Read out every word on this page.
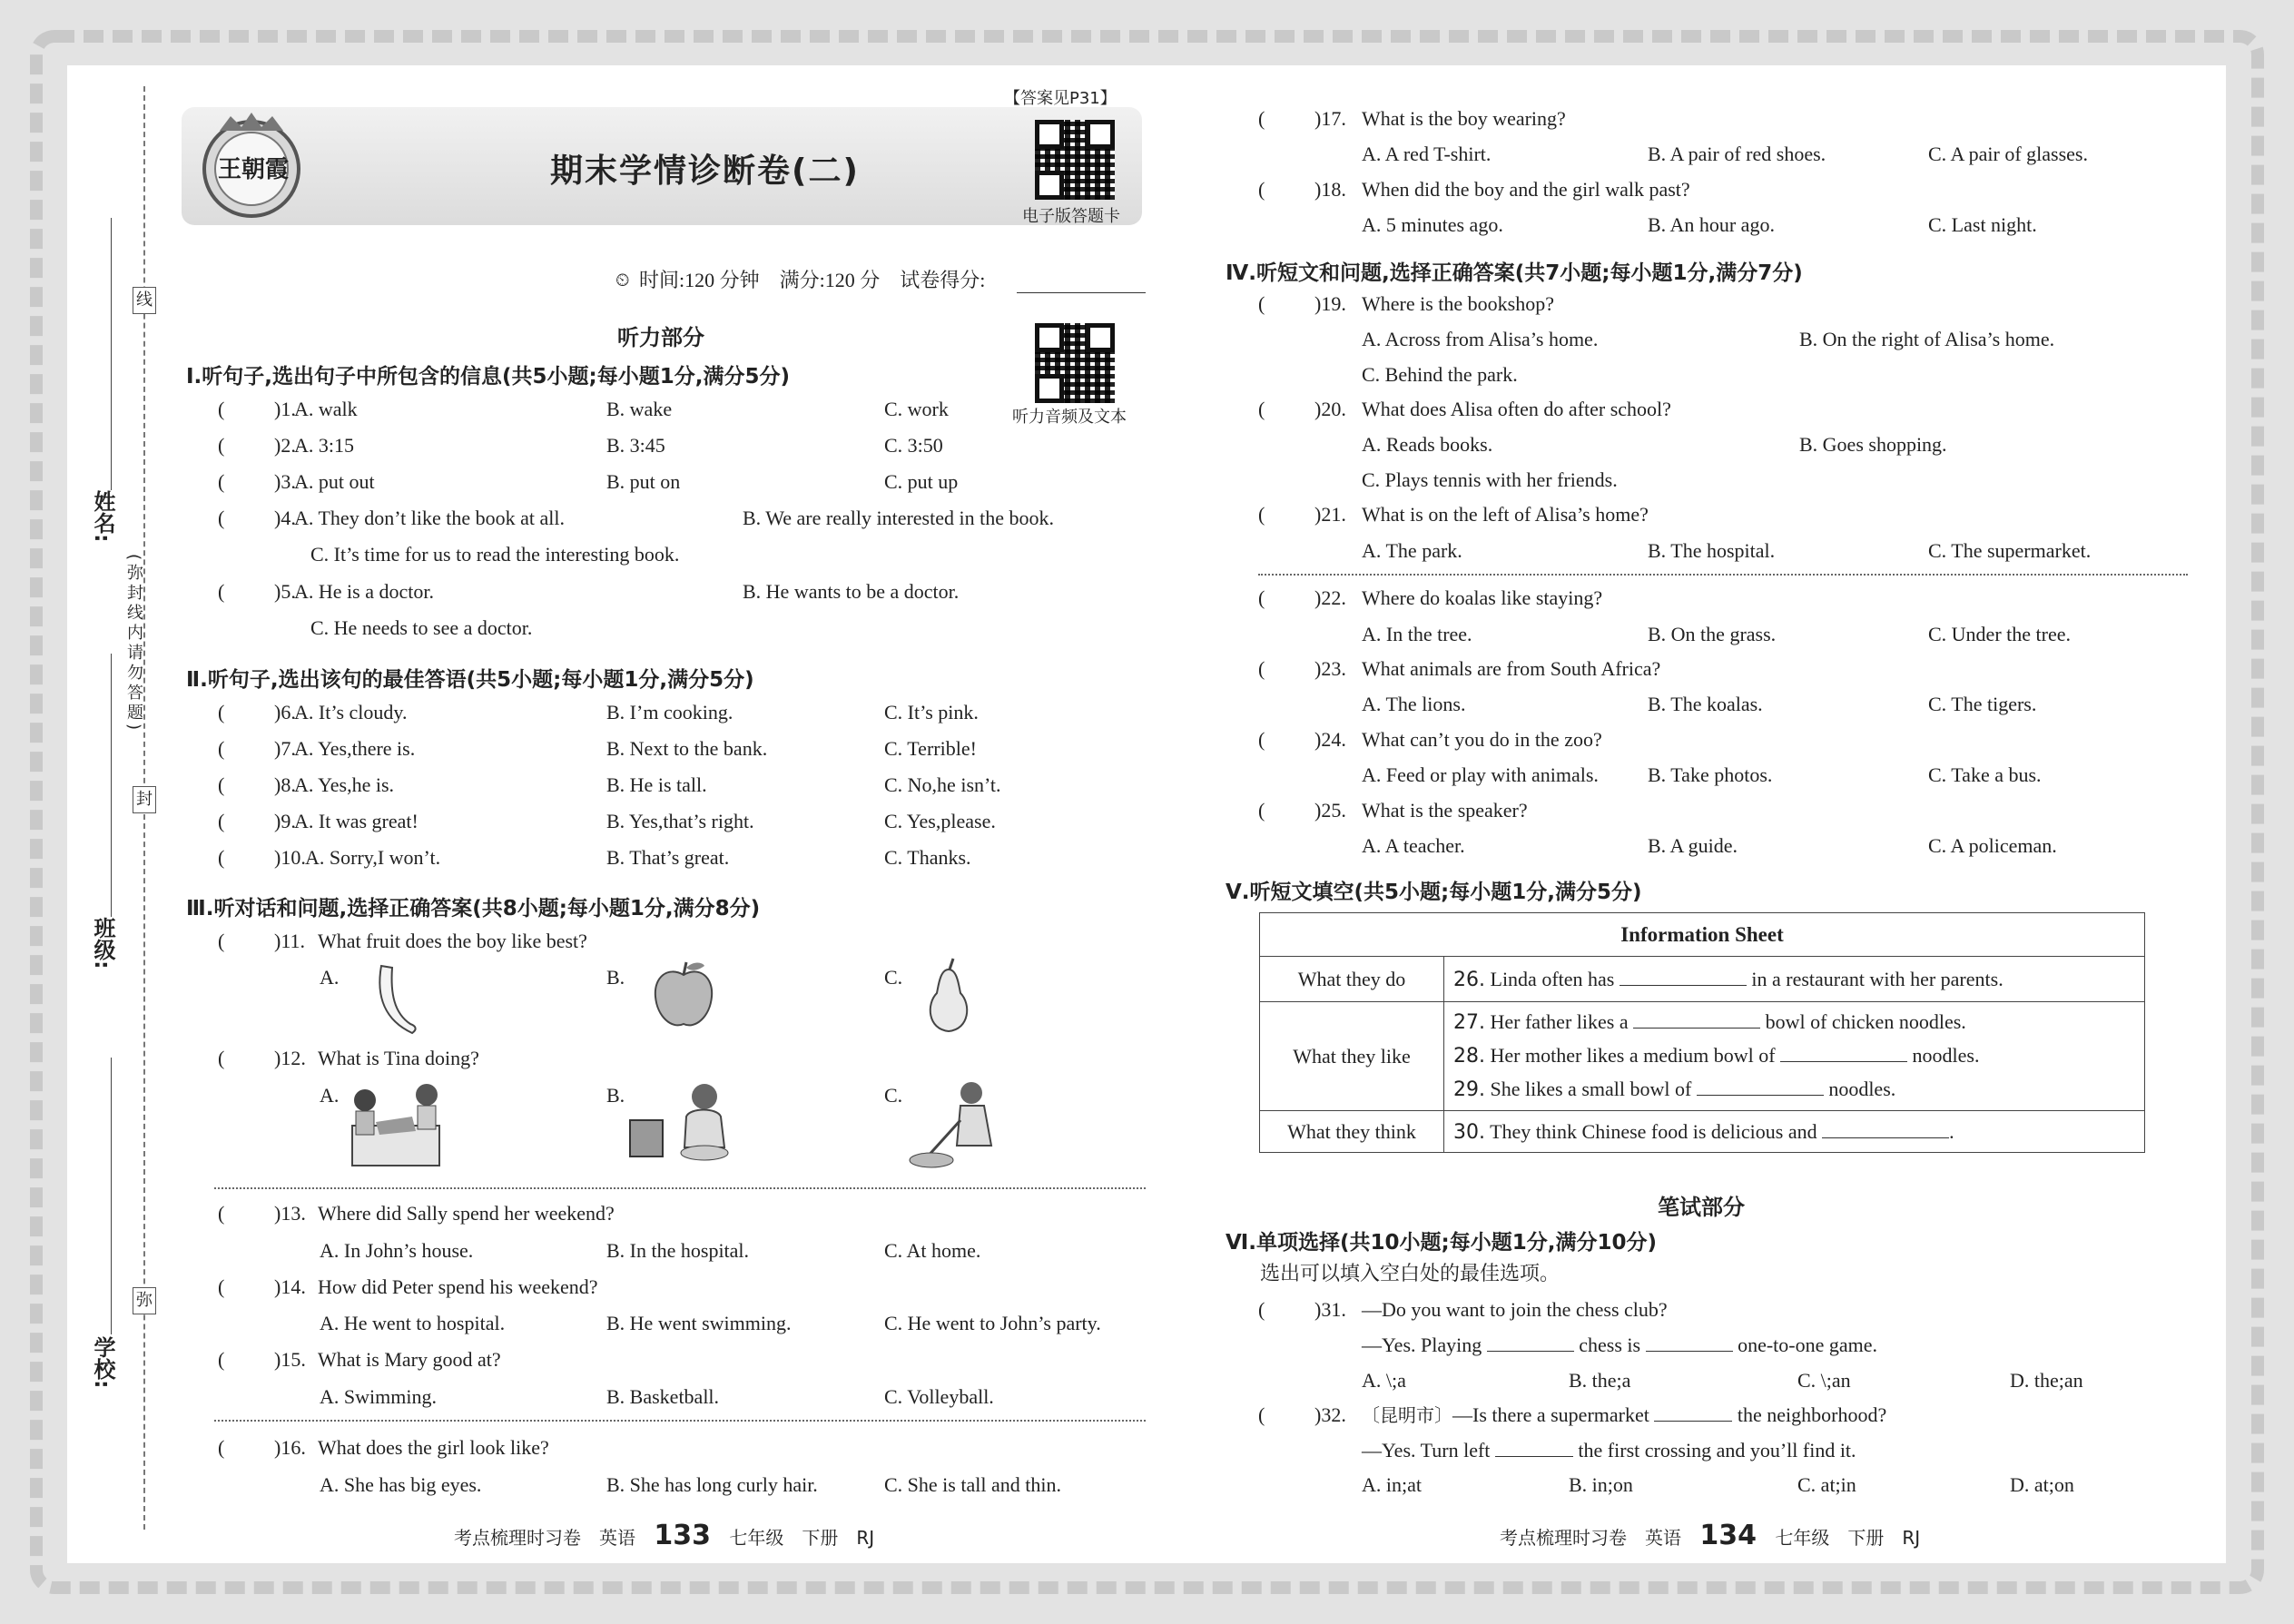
线
封
弥
(弥封线内请勿答题)
姓名:
班级:
学校:
王朝霞	期末学情诊断卷(二)
【答案见P31】
电子版答题卡
⏲ 时间:120 分钟　满分:120 分　试卷得分:
听力部分
听力音频及文本
Ⅰ.听句子,选出句子中所包含的信息(共5小题;每小题1分,满分5分)
( )1.
A. walk	B. wake	C. work
( )2.
A. 3:15	B. 3:45	C. 3:50
( )3.
A. put out	B. put on	C. put up
( )4.
A. They don’t like the book at all.	B. We are really interested in the book.
C. It’s time for us to read the interesting book.
( )5.
A. He is a doctor.	B. He wants to be a doctor.
C. He needs to see a doctor.
Ⅱ.听句子,选出该句的最佳答语(共5小题;每小题1分,满分5分)
( )6.
A. It’s cloudy.	B. I’m cooking.	C. It’s pink.
( )7.
A. Yes,there is.	B. Next to the bank.	C. Terrible!
( )8.
A. Yes,he is.	B. He is tall.	C. No,he isn’t.
( )9.
A. It was great!	B. Yes,that’s right.	C. Yes,please.
( )10. A. Sorry,I won’t.	B. That’s great.	C. Thanks.
Ⅲ.听对话和问题,选择正确答案(共8小题;每小题1分,满分8分)
( )11. What fruit does the boy like best?
A.	B.	C.
( )12. What is Tina doing?
A.	B.	C.
( )13. Where did Sally spend her weekend?
A. In John’s house.	B. In the hospital.	C. At home.
( )14. How did Peter spend his weekend?
A. He went to hospital.	B. He went swimming.	C. He went to John’s party.
( )15. What is Mary good at?
A. Swimming.	B. Basketball.	C. Volleyball.
( )16. What does the girl look like?
A. She has big eyes.	B. She has long curly hair.	C. She is tall and thin.
考点梳理时习卷　英语 133 七年级　下册　RJ
( )17. What is the boy wearing?
A. A red T-shirt.	B. A pair of red shoes.	C. A pair of glasses.
( )18. When did the boy and the girl walk past?
A. 5 minutes ago.	B. An hour ago.	C. Last night.
Ⅳ.听短文和问题,选择正确答案(共7小题;每小题1分,满分7分)
( )19. Where is the bookshop?
A. Across from Alisa’s home.	B. On the right of Alisa’s home.
C. Behind the park.
( )20. What does Alisa often do after school?
A. Reads books.	B. Goes shopping.
C. Plays tennis with her friends.
( )21. What is on the left of Alisa’s home?
A. The park.	B. The hospital.	C. The supermarket.
( )22. Where do koalas like staying?
A. In the tree.	B. On the grass.	C. Under the tree.
( )23. What animals are from South Africa?
A. The lions.	B. The koalas.	C. The tigers.
( )24. What can’t you do in the zoo?
A. Feed or play with animals. B. Take photos.	C. Take a bus.
( )25. What is the speaker?
A. A teacher.	B. A guide.	C. A policeman.
Ⅴ.听短文填空(共5小题;每小题1分,满分5分)
Information Sheet	
What they do	26. Linda often has in a restaurant with her parents.
What they like	27. Her father likes a bowl of chicken noodles.
28. Her mother likes a medium bowl of noodles.
29. She likes a small bowl of noodles.

What they think	30. They think Chinese food is delicious and .
笔试部分
Ⅵ.单项选择(共10小题;每小题1分,满分10分)
选出可以填入空白处的最佳选项。
( )31. —Do you want to join the chess club?
—Yes. Playing	chess is	one-to-one game.
A. \;a	B. the;a	C. \;an	D. the;an
( )32. 〔昆明市〕—Is there a supermarket	the neighborhood?
—Yes. Turn left	the first crossing and you’ll find it.
A. in;at	B. in;on	C. at;in	D. at;on
考点梳理时习卷　英语 134 七年级　下册　RJ
